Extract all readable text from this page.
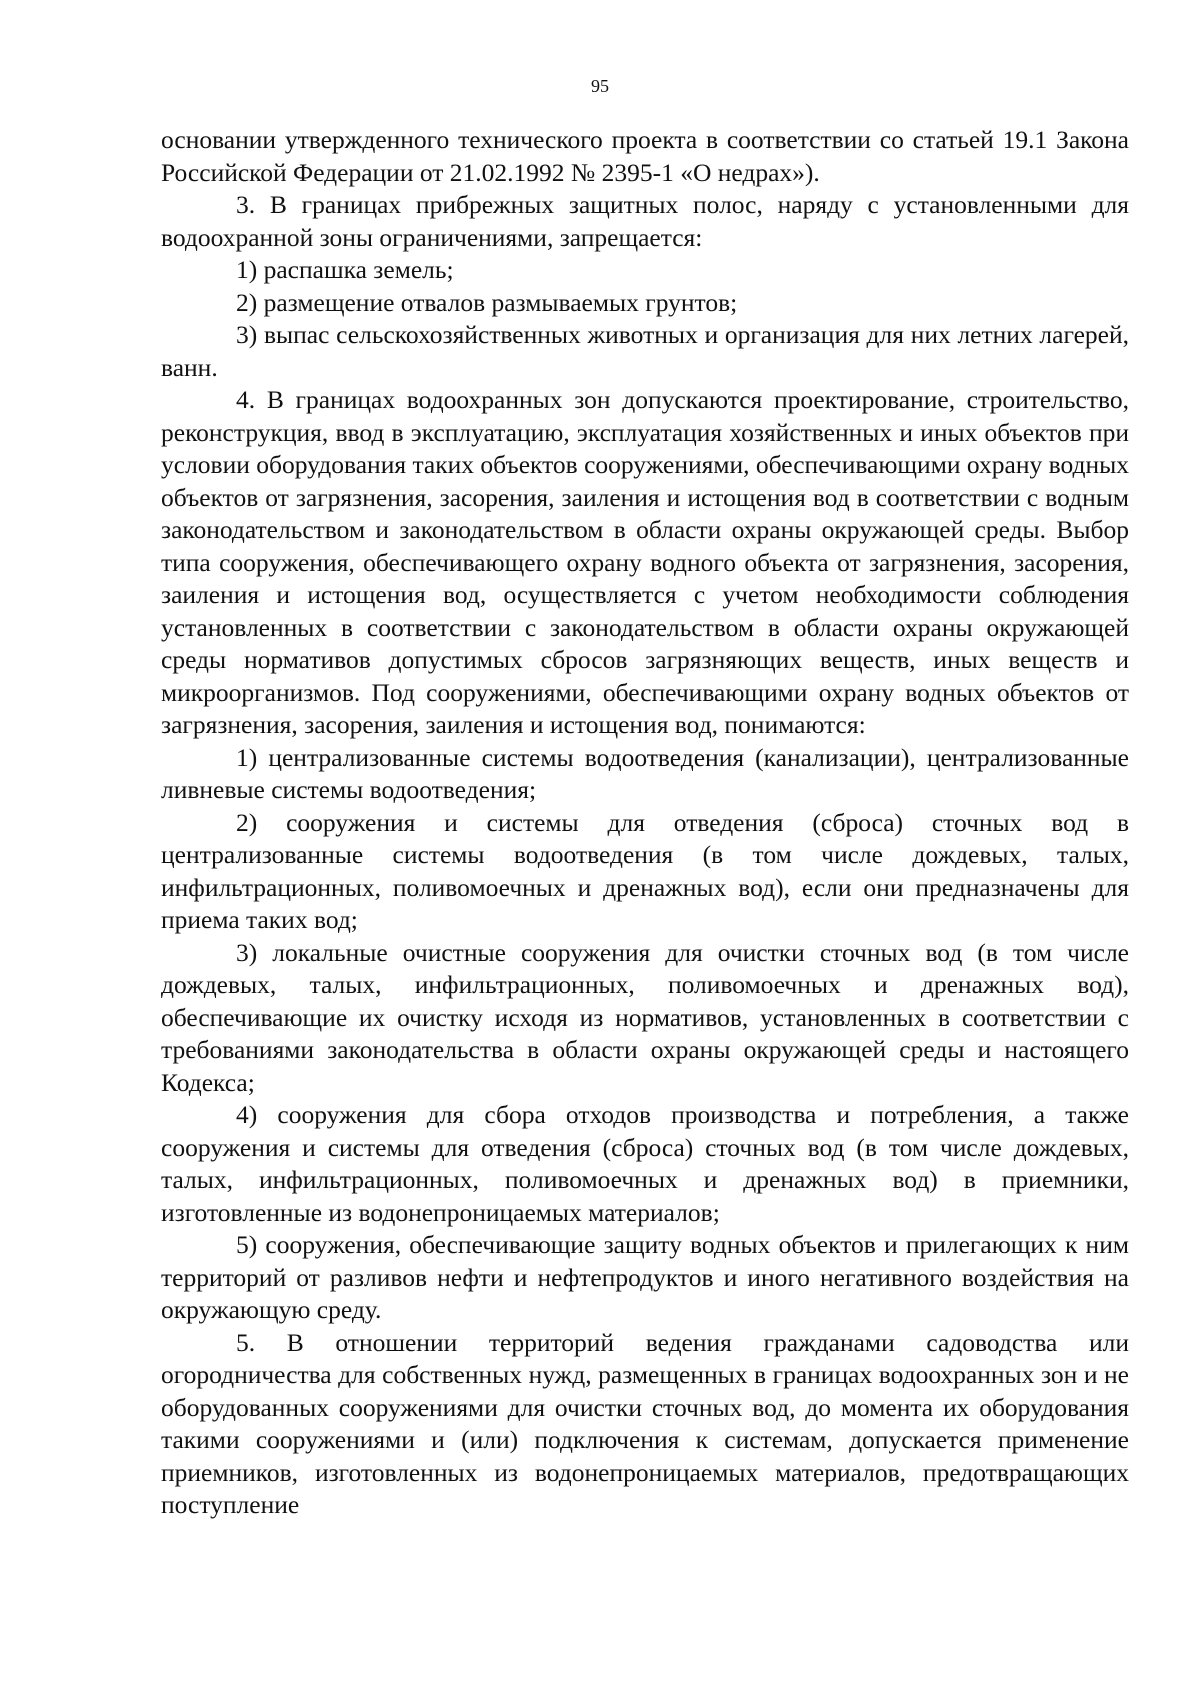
95

основании утвержденного технического проекта в соответствии со статьей 19.1 Закона Российской Федерации от 21.02.1992 № 2395-1 «О недрах»).

3. В границах прибрежных защитных полос, наряду с установленными для водоохранной зоны ограничениями, запрещается:

1) распашка земель;

2) размещение отвалов размываемых грунтов;

3) выпас сельскохозяйственных животных и организация для них летних лагерей, ванн.

4. В границах водоохранных зон допускаются проектирование, строительство, реконструкция, ввод в эксплуатацию, эксплуатация хозяйственных и иных объектов при условии оборудования таких объектов сооружениями, обеспечивающими охрану водных объектов от загрязнения, засорения, заиления и истощения вод в соответствии с водным законодательством и законодательством в области охраны окружающей среды. Выбор типа сооружения, обеспечивающего охрану водного объекта от загрязнения, засорения, заиления и истощения вод, осуществляется с учетом необходимости соблюдения установленных в соответствии с законодательством в области охраны окружающей среды нормативов допустимых сбросов загрязняющих веществ, иных веществ и микроорганизмов. Под сооружениями, обеспечивающими охрану водных объектов от загрязнения, засорения, заиления и истощения вод, понимаются:

1) централизованные системы водоотведения (канализации), централизованные ливневые системы водоотведения;

2) сооружения и системы для отведения (сброса) сточных вод в централизованные системы водоотведения (в том числе дождевых, талых, инфильтрационных, поливомоечных и дренажных вод), если они предназначены для приема таких вод;

3) локальные очистные сооружения для очистки сточных вод (в том числе дождевых, талых, инфильтрационных, поливомоечных и дренажных вод), обеспечивающие их очистку исходя из нормативов, установленных в соответствии с требованиями законодательства в области охраны окружающей среды и настоящего Кодекса;

4) сооружения для сбора отходов производства и потребления, а также сооружения и системы для отведения (сброса) сточных вод (в том числе дождевых, талых, инфильтрационных, поливомоечных и дренажных вод) в приемники, изготовленные из водонепроницаемых материалов;

5) сооружения, обеспечивающие защиту водных объектов и прилегающих к ним территорий от разливов нефти и нефтепродуктов и иного негативного воздействия на окружающую среду.

5. В отношении территорий ведения гражданами садоводства или огородничества для собственных нужд, размещенных в границах водоохранных зон и не оборудованных сооружениями для очистки сточных вод, до момента их оборудования такими сооружениями и (или) подключения к системам, допускается применение приемников, изготовленных из водонепроницаемых материалов, предотвращающих поступление
